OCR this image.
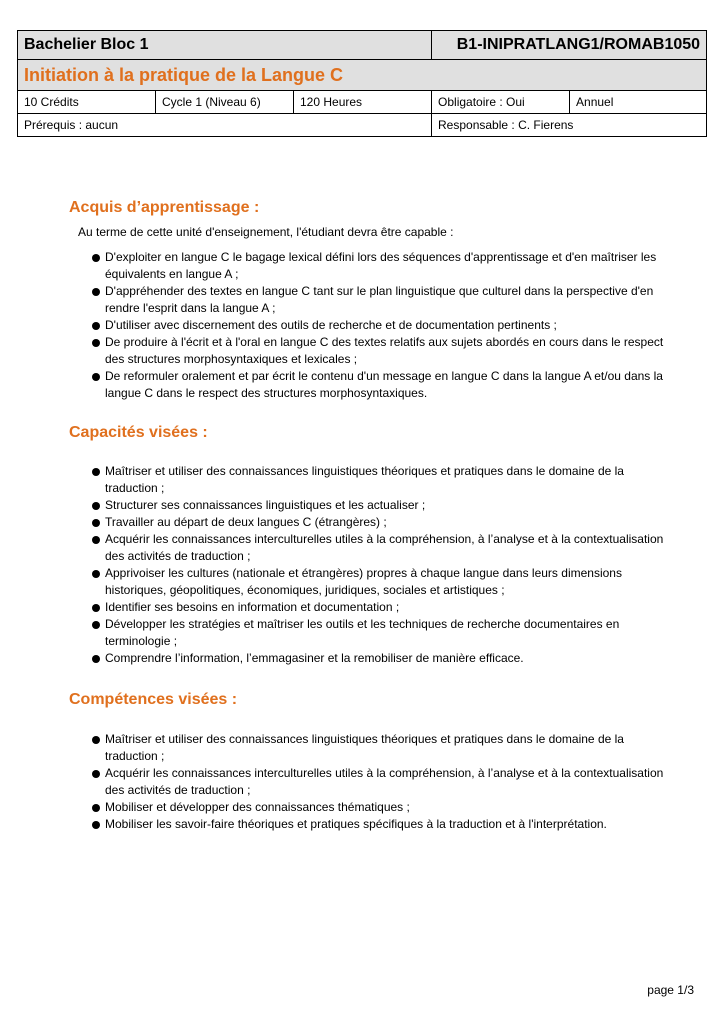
Bachelier Bloc 1			B1-INIPRATLANG1/ROMAB1050	
Initiation à la pratique de la Langue C				
10 Crédits	Cycle 1 (Niveau 6)	120 Heures	Obligatoire : Oui	Annuel
Prérequis : aucun			Responsable : C. Fierens	
Acquis d’apprentissage :

Au terme de cette unité d'enseignement, l'étudiant devra être capable :

D'exploiter en langue C le bagage lexical défini lors des séquences d'apprentissage et d'en maîtriser les équivalents en langue A ;
D'appréhender des textes en langue C tant sur le plan linguistique que culturel dans la perspective d'en rendre l'esprit dans la langue A ;
D'utiliser avec discernement des outils de recherche et de documentation pertinents ;
De produire à l'écrit et à l'oral en langue C des textes relatifs aux sujets abordés en cours dans le respect des structures morphosyntaxiques et lexicales ;
De reformuler oralement et par écrit le contenu d'un message en langue C dans la langue A et/ou dans la langue C dans le respect des structures morphosyntaxiques.
Capacités visées :
Maîtriser et utiliser des connaissances linguistiques théoriques et pratiques dans le domaine de la traduction ;
Structurer ses connaissances linguistiques et les actualiser ;
Travailler au départ de deux langues C (étrangères) ;
Acquérir les connaissances interculturelles utiles à la compréhension, à l’analyse et à la contextualisation des activités de traduction ;
Apprivoiser les cultures (nationale et étrangères) propres à chaque langue dans leurs dimensions historiques, géopolitiques, économiques, juridiques, sociales et artistiques ;
Identifier ses besoins en information et documentation ;
Développer les stratégies et maîtriser les outils et les techniques de recherche documentaires en terminologie ;
Comprendre l’information, l’emmagasiner et la remobiliser de manière efficace.
Compétences visées :
Maîtriser et utiliser des connaissances linguistiques théoriques et pratiques dans le domaine de la traduction ;
Acquérir les connaissances interculturelles utiles à la compréhension, à l’analyse et à la contextualisation des activités de traduction ;
Mobiliser et développer des connaissances thématiques ;
Mobiliser les savoir-faire théoriques et pratiques spécifiques à la traduction et à l'interprétation.
page 1/3
